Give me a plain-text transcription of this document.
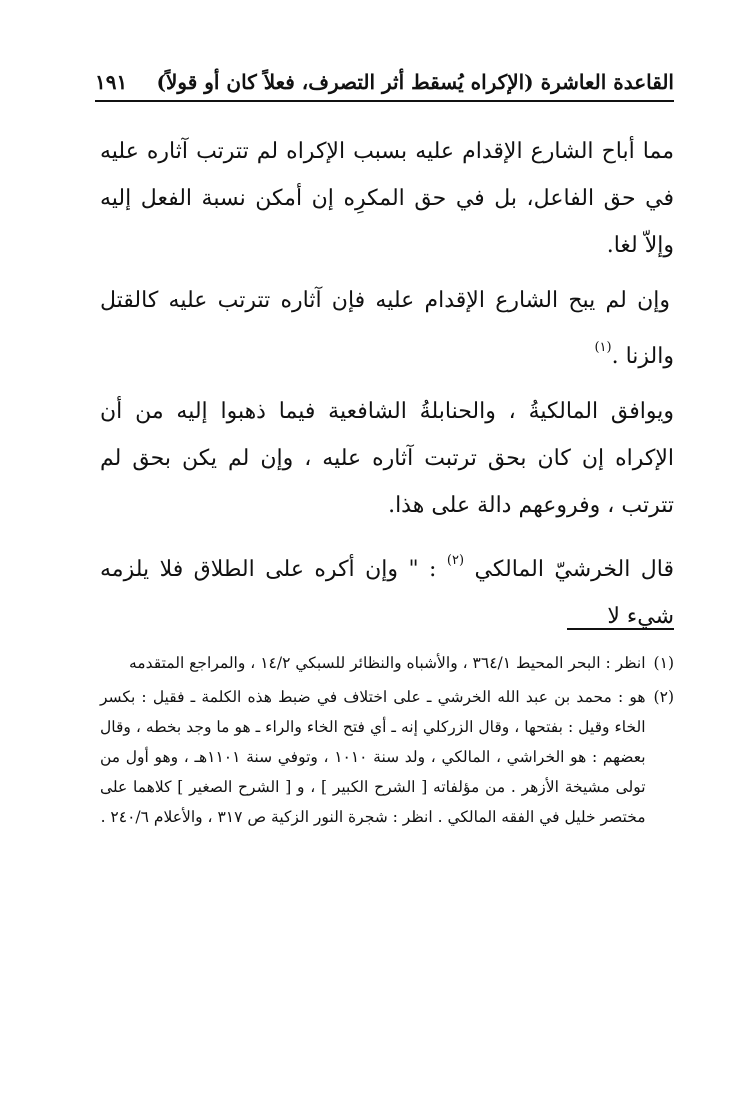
القاعدة العاشرة (الإكراه يُسقط أثر التصرف، فعلاً كان أو قولاً)
١٩١

مما أباح الشارع الإقدام عليه بسبب الإكراه لم تترتب آثاره عليه في حق الفاعل، بل في حق المكرِه إن أمكن نسبة الفعل إليه وإلاّ لغا.

وإن لم يبح الشارع الإقدام عليه فإن آثاره تترتب عليه كالقتل والزنا .$^{(١)}$

ويوافق المالكيةُ ، والحنابلةُ الشافعية فيما ذهبوا إليه من أن الإكراه إن كان بحق ترتبت آثاره عليه ، وإن لم يكن بحق لم تترتب ، وفروعهم دالة على هذا.

قال الخرشيّ المالكي $^{(٢)}$ : " وإن أكره على الطلاق فلا يلزمه شيء لا

(١)
انظر : البحر المحيط ٣٦٤/١ ، والأشباه والنظائر للسبكي ١٤/٢ ، والمراجع المتقدمه
(٢)
هو : محمد بن عبد الله الخرشي ـ على اختلاف في ضبط هذه الكلمة ـ فقيل : بكسر الخاء وقيل : بفتحها ، وقال الزركلي إنه ـ أي فتح الخاء والراء ـ هو ما وجد بخطه ، وقال بعضهم : هو الخراشي ، المالكي ، ولد سنة ١٠١٠ ، وتوفي سنة ١١٠١هـ ، وهو أول من تولى مشيخة الأزهر . من مؤلفاته [ الشرح الكبير ] ، و [ الشرح الصغير ] كلاهما على مختصر خليل في الفقه المالكي . انظر : شجرة النور الزكية ص ٣١٧ ، والأعلام ٢٤٠/٦ .
